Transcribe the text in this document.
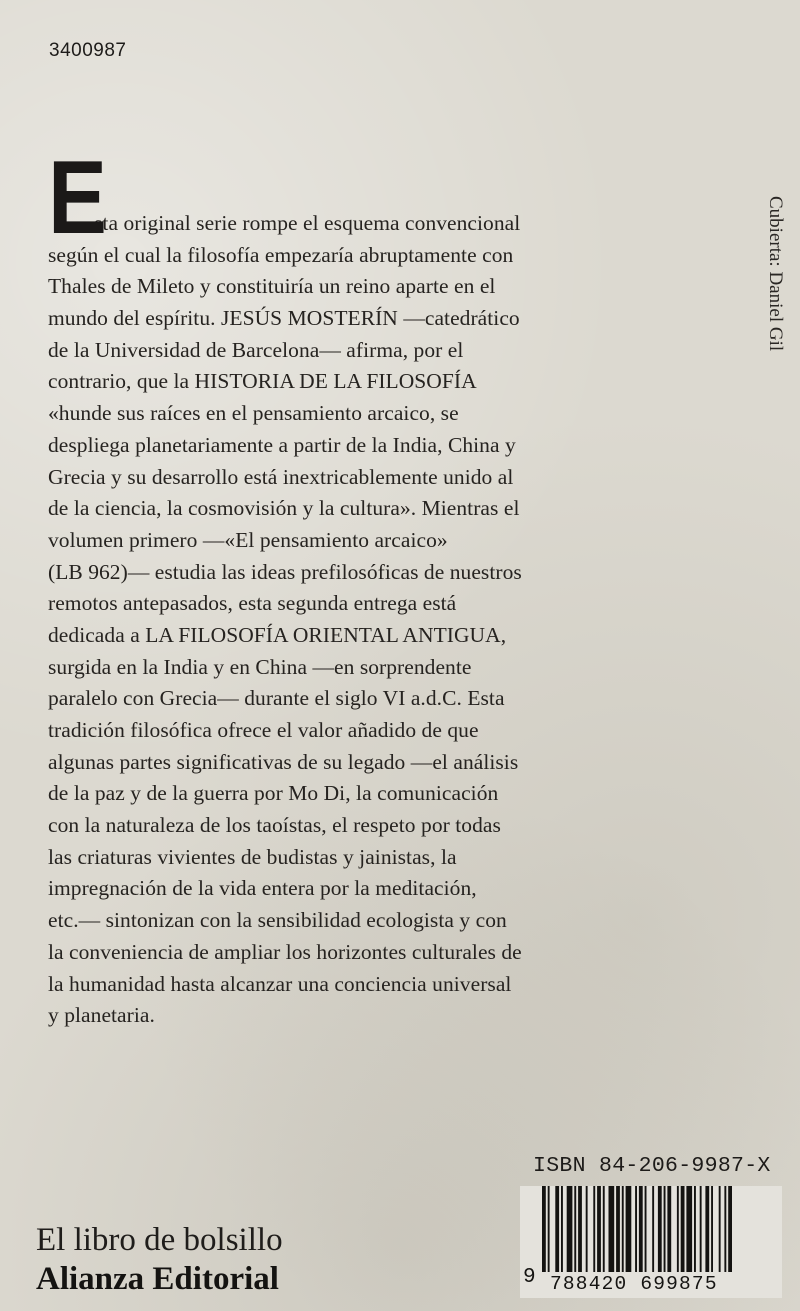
3400987
E
sta original serie rompe el esquema convencional
según el cual la filosofía empezaría abruptamente con
Thales de Mileto y constituiría un reino aparte en el
mundo del espíritu. JESÚS MOSTERÍN —catedrático
de la Universidad de Barcelona— afirma, por el
contrario, que la HISTORIA DE LA FILOSOFÍA
«hunde sus raíces en el pensamiento arcaico, se
despliega planetariamente a partir de la India, China y
Grecia y su desarrollo está inextricablemente unido al
de la ciencia, la cosmovisión y la cultura». Mientras el
volumen primero —«El pensamiento arcaico»
(LB 962)— estudia las ideas prefilosóficas de nuestros
remotos antepasados, esta segunda entrega está
dedicada a LA FILOSOFÍA ORIENTAL ANTIGUA,
surgida en la India y en China —en sorprendente
paralelo con Grecia— durante el siglo VI a.d.C. Esta
tradición filosófica ofrece el valor añadido de que
algunas partes significativas de su legado —el análisis
de la paz y de la guerra por Mo Di, la comunicación
con la naturaleza de los taoístas, el respeto por todas
las criaturas vivientes de budistas y jainistas, la
impregnación de la vida entera por la meditación,
etc.— sintonizan con la sensibilidad ecologista y con
la conveniencia de ampliar los horizontes culturales de
la humanidad hasta alcanzar una conciencia universal
y planetaria.
Cubierta: Daniel Gil
El libro de bolsillo
Alianza Editorial
ISBN 84-206-9987-X
9 788420 699875
